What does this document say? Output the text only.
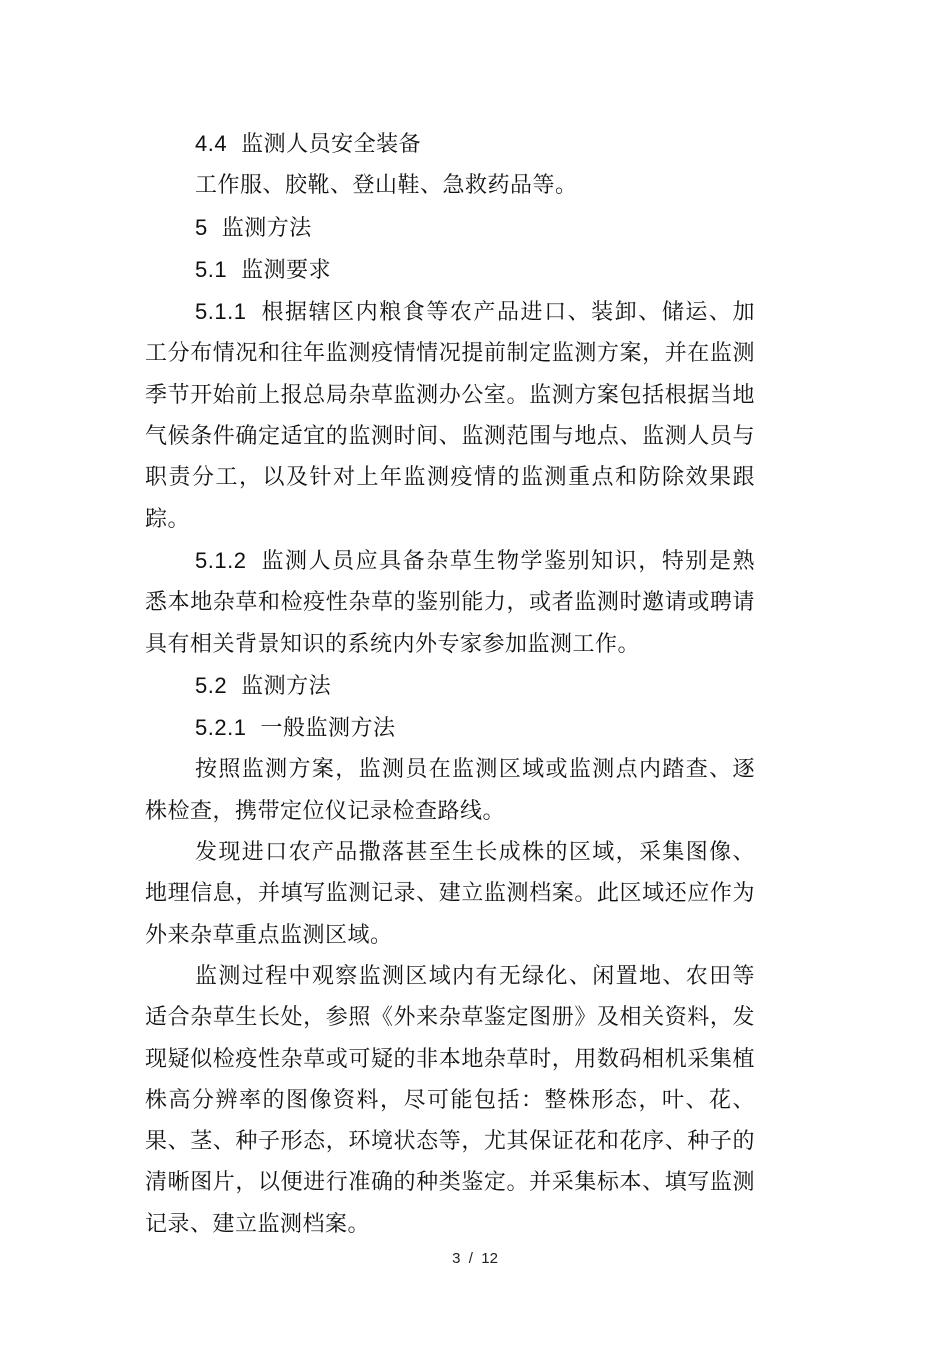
4.4 监测人员安全装备

工作服、胶靴、登山鞋、急救药品等。

5 监测方法

5.1 监测要求

5.1.1 根据辖区内粮食等农产品进口、装卸、储运、加工分布情况和往年监测疫情情况提前制定监测方案，并在监测季节开始前上报总局杂草监测办公室。监测方案包括根据当地气候条件确定适宜的监测时间、监测范围与地点、监测人员与职责分工，以及针对上年监测疫情的监测重点和防除效果跟踪。

5.1.2 监测人员应具备杂草生物学鉴别知识，特别是熟悉本地杂草和检疫性杂草的鉴别能力，或者监测时邀请或聘请具有相关背景知识的系统内外专家参加监测工作。

5.2 监测方法

5.2.1 一般监测方法

按照监测方案，监测员在监测区域或监测点内踏查、逐株检查，携带定位仪记录检查路线。

发现进口农产品撒落甚至生长成株的区域，采集图像、地理信息，并填写监测记录、建立监测档案。此区域还应作为外来杂草重点监测区域。

监测过程中观察监测区域内有无绿化、闲置地、农田等适合杂草生长处，参照《外来杂草鉴定图册》及相关资料，发现疑似检疫性杂草或可疑的非本地杂草时，用数码相机采集植株高分辨率的图像资料，尽可能包括：整株形态，叶、花、果、茎、种子形态，环境状态等，尤其保证花和花序、种子的清晰图片，以便进行准确的种类鉴定。并采集标本、填写监测记录、建立监测档案。

3  /  12
